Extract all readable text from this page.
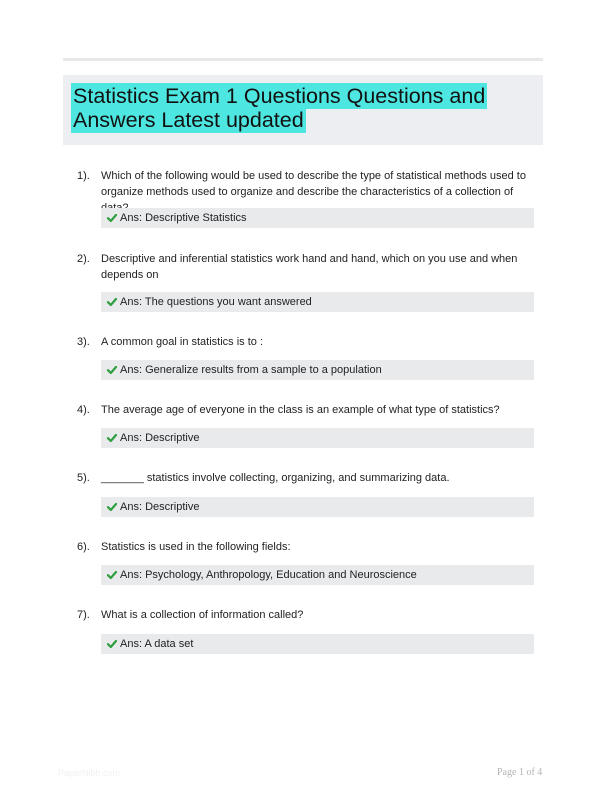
Statistics Exam 1 Questions Questions and Answers Latest updated
1). Which of the following would be used to describe the type of statistical methods used to organize methods used to organize and describe the characteristics of a collection of
Ans: Descriptive Statistics
2). Descriptive and inferential statistics work hand and hand, which on you use and when depends on
Ans: The questions you want answered
3). A common goal in statistics is to :
Ans: Generalize results from a sample to a population
4). The average age of everyone in the class is an example of what type of statistics?
Ans: Descriptive
5). _______ statistics involve collecting, organizing, and summarizing data.
Ans: Descriptive
6). Statistics is used in the following fields:
Ans: Psychology, Anthropology, Education and Neuroscience
7). What is a collection of information called?
Ans: A data set
PaperNibb.com	Page 1 of 4
